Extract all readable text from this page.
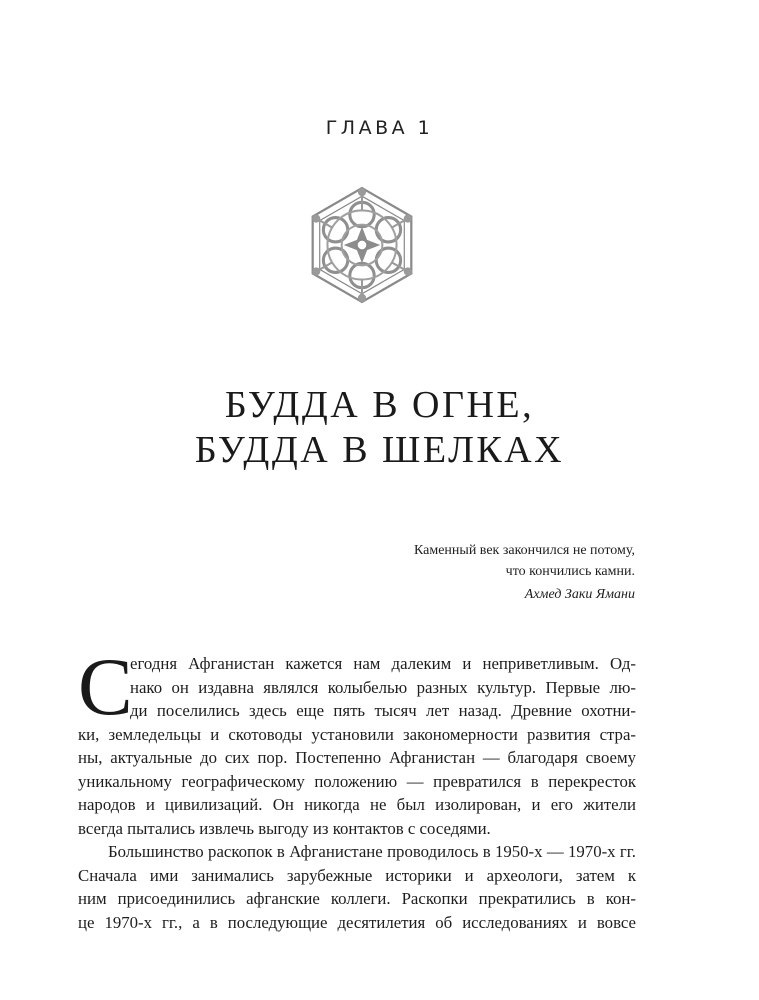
ГЛАВА 1
БУДДА В ОГНЕ,
БУДДА В ШЕЛКАХ
Каменный век закончился не потому,
что кончились камни.
Ахмед Заки Ямани
С
егодня Афганистан кажется нам далеким и неприветливым. Од-
нако он издавна являлся колыбелью разных культур. Первые лю-
ди поселились здесь еще пять тысяч лет назад. Древние охотни-
ки, земледельцы и скотоводы установили закономерности развития стра-
ны, актуальные до сих пор. Постепенно Афганистан — благодаря своему
уникальному географическому положению — превратился в перекресток
народов и цивилизаций. Он никогда не был изолирован, и его жители
всегда пытались извлечь выгоду из контактов с соседями.
Большинство раскопок в Афганистане проводилось в 1950-х — 1970-х гг.
Сначала ими занимались зарубежные историки и археологи, затем к
ним присоединились афганские коллеги. Раскопки прекратились в кон-
це 1970-х гг., а в последующие десятилетия об исследованиях и вовсе
